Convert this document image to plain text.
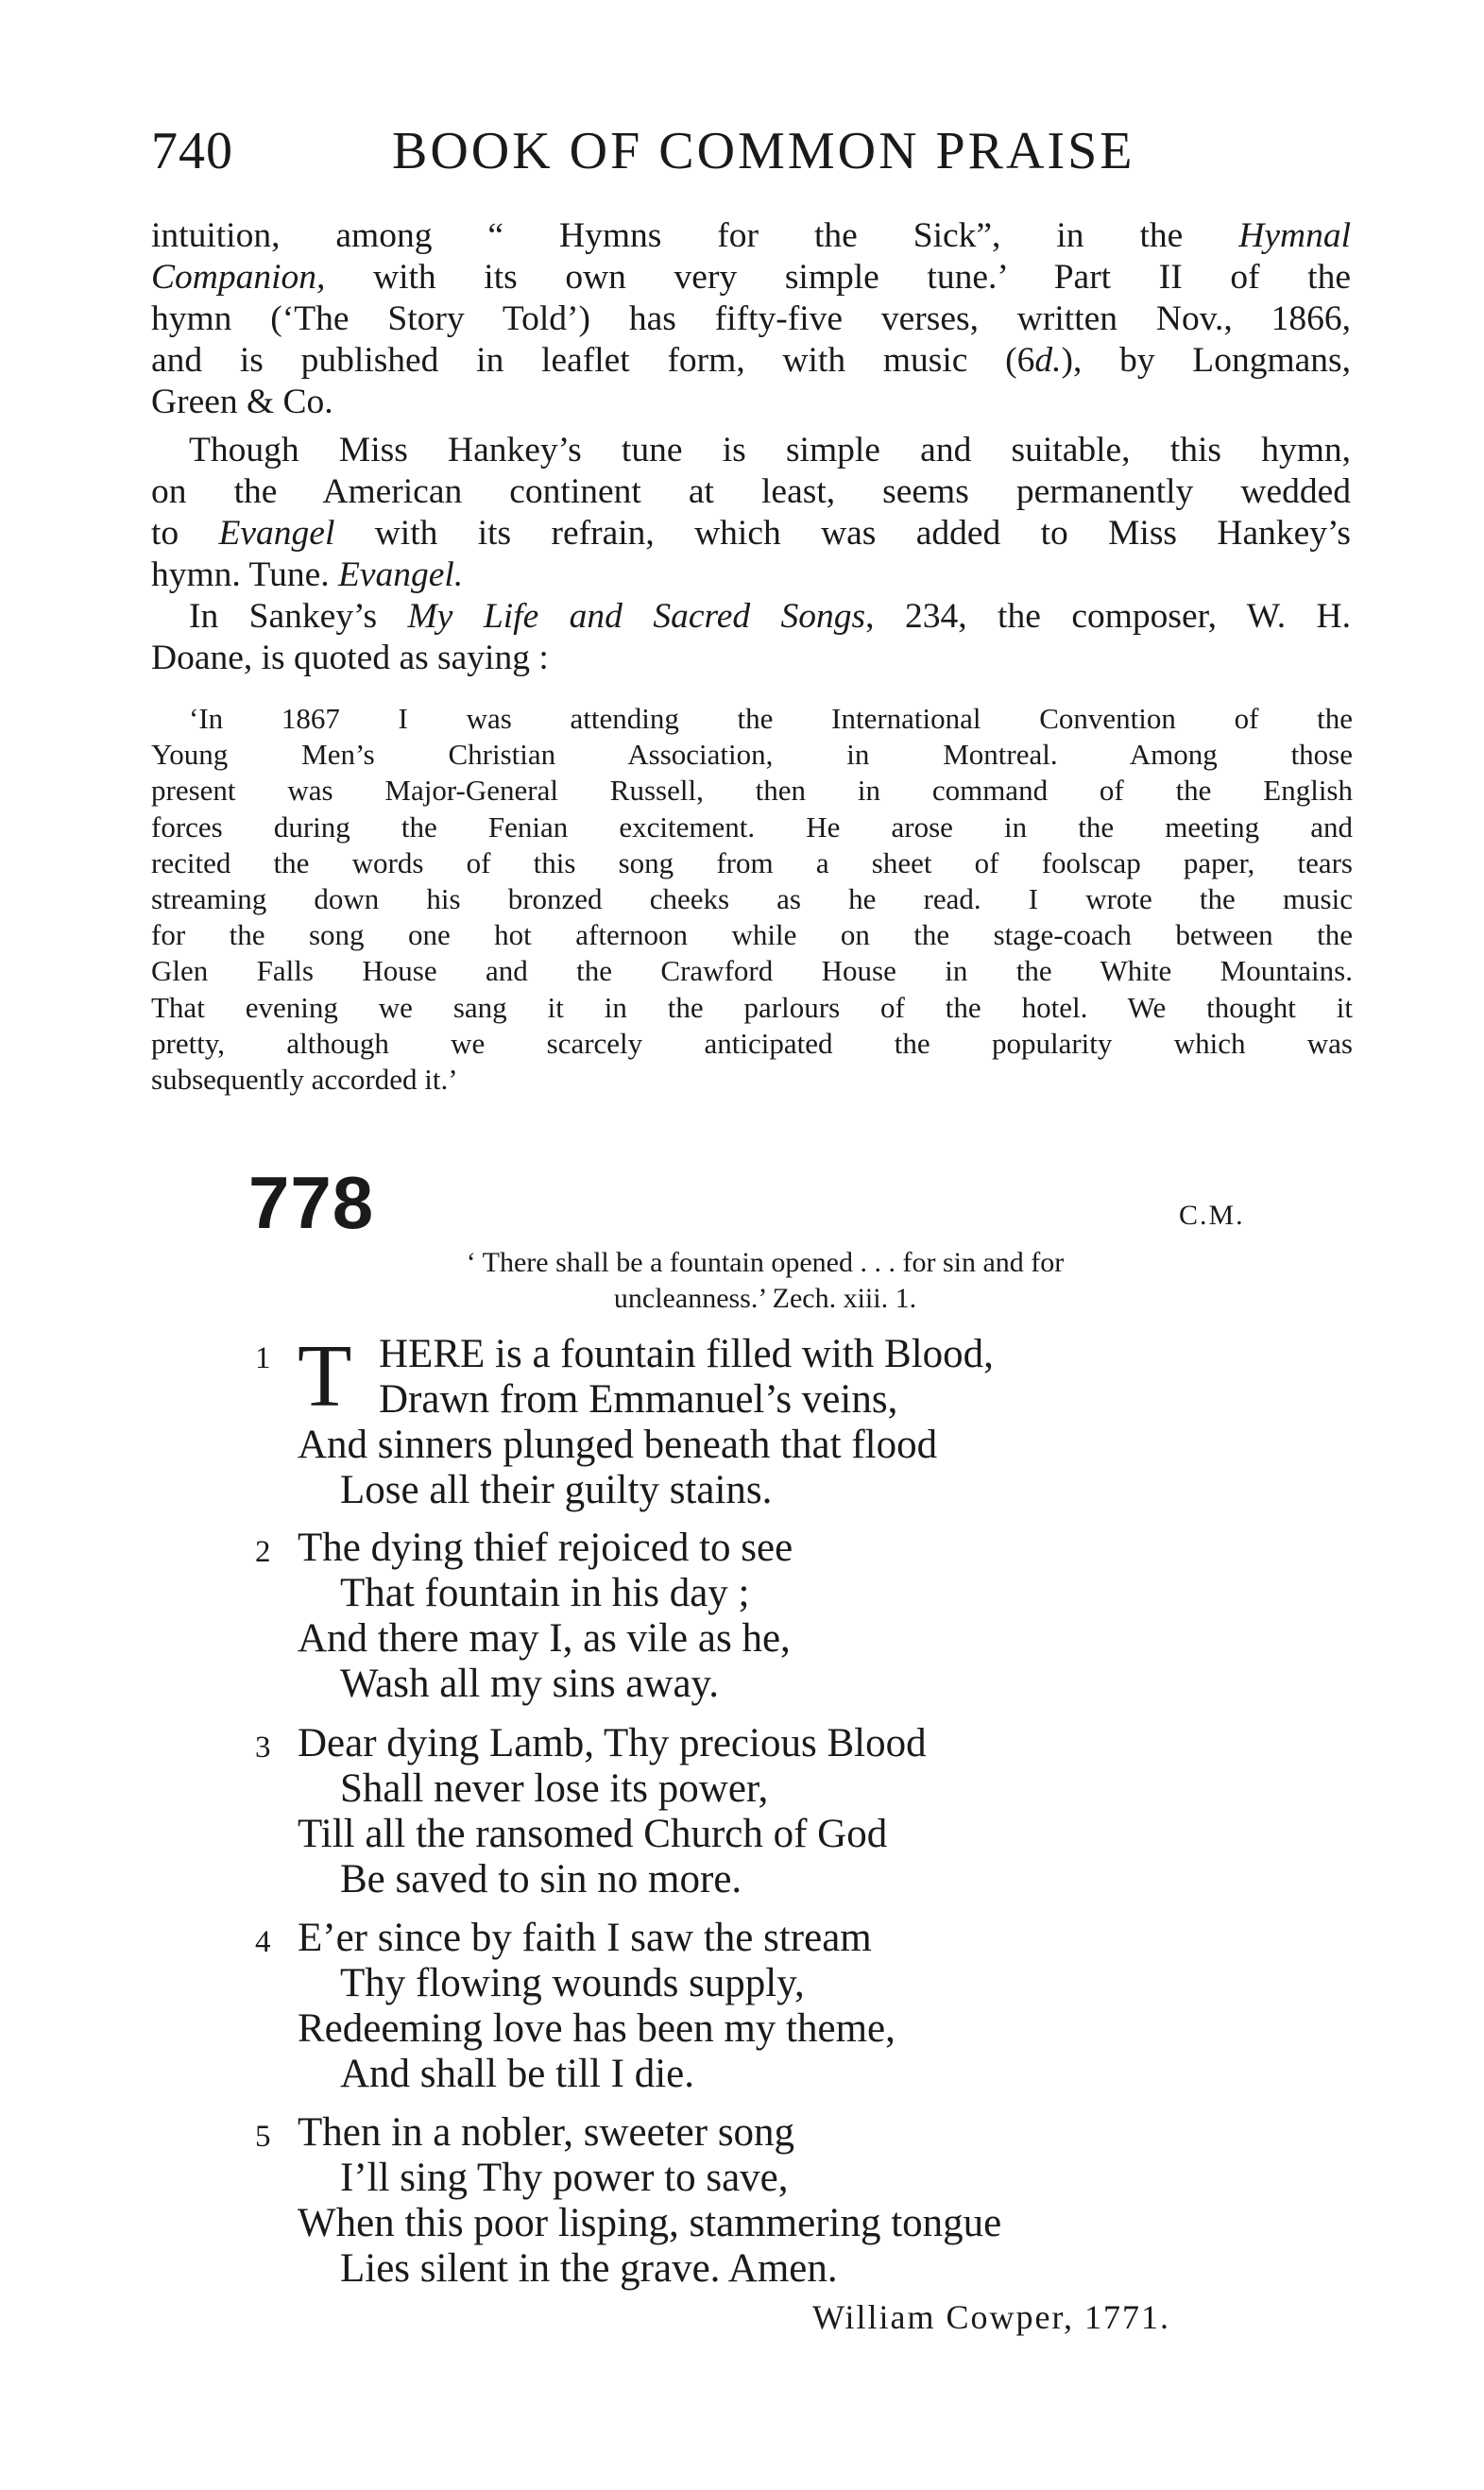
740	BOOK OF COMMON PRAISE
intuition, among “ Hymns for the Sick”, in the Hymnal
Companion, with its own very simple tune.’ Part II of the
hymn (‘The Story Told’) has fifty-five verses, written Nov., 1866,
and is published in leaflet form, with music (6d.), by Longmans,
Green & Co.
Though Miss Hankey’s tune is simple and suitable, this hymn,
on the American continent at least, seems permanently wedded
to Evangel with its refrain, which was added to Miss Hankey’s
hymn. Tune. Evangel.
In Sankey’s My Life and Sacred Songs, 234, the composer, W. H.
Doane, is quoted as saying :
‘In 1867 I was attending the International Convention of the
Young Men’s Christian Association, in Montreal. Among those
present was Major-General Russell, then in command of the English
forces during the Fenian excitement. He arose in the meeting and
recited the words of this song from a sheet of foolscap paper, tears
streaming down his bronzed cheeks as he read. I wrote the music
for the song one hot afternoon while on the stage-coach between the
Glen Falls House and the Crawford House in the White Mountains.
That evening we sang it in the parlours of the hotel. We thought it
pretty, although we scarcely anticipated the popularity which was
subsequently accorded it.’
778	C.M.
‘ There shall be a fountain opened . . . for sin and for
uncleanness.’ Zech. xiii. 1.
1 T HERE is a fountain filled with Blood,
Drawn from Emmanuel’s veins,
And sinners plunged beneath that flood
Lose all their guilty stains.
2 The dying thief rejoiced to see
That fountain in his day ;
And there may I, as vile as he,
Wash all my sins away.
3 Dear dying Lamb, Thy precious Blood
Shall never lose its power,
Till all the ransomed Church of God
Be saved to sin no more.
4 E’er since by faith I saw the stream
Thy flowing wounds supply,
Redeeming love has been my theme,
And shall be till I die.
5 Then in a nobler, sweeter song
I’ll sing Thy power to save,
When this poor lisping, stammering tongue
Lies silent in the grave. Amen.
William Cowper, 1771.
